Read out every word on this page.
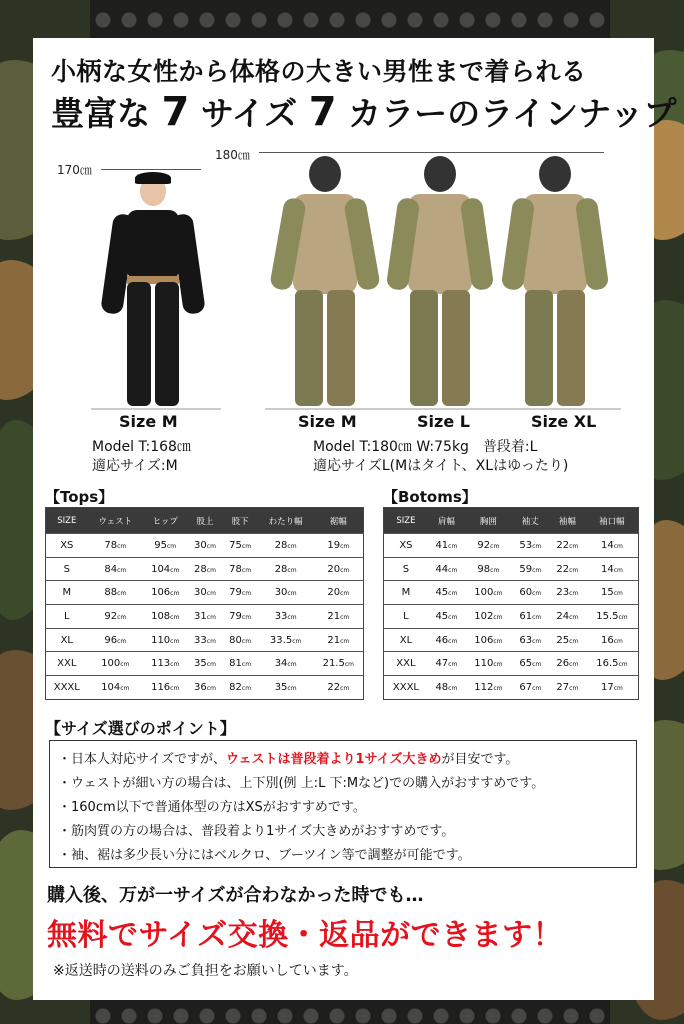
小柄な女性から体格の大きい男性まで着られる
豊富な 7 サイズ 7 カラーのラインナップ
170㎝
180㎝
Size M	Size M	Size L	Size XL
Model T:168㎝
適応サイズ:M
Model T:180㎝ W:75kg　普段着:L
適応サイズL(Mはタイト、XLはゆったり)
【Tops】
SIZE	ウェスト	ヒップ	股上	股下	わたり幅	裾幅
XS	78cm	95cm	30cm	75cm	28cm	19cm
S	84cm	104cm	28cm	78cm	28cm	20cm
M	88cm	106cm	30cm	79cm	30cm	20cm
L	92cm	108cm	31cm	79cm	33cm	21cm
XL	96cm	110cm	33cm	80cm	33.5cm	21cm
XXL	100cm	113cm	35cm	81cm	34cm	21.5cm
XXXL	104cm	116cm	36cm	82cm	35cm	22cm
【Botoms】
SIZE	肩幅	胸囲	袖丈	袖幅	袖口幅
XS	41cm	92cm	53cm	22cm	14cm
S	44cm	98cm	59cm	22cm	14cm
M	45cm	100cm	60cm	23cm	15cm
L	45cm	102cm	61cm	24cm	15.5cm
XL	46cm	106cm	63cm	25cm	16cm
XXL	47cm	110cm	65cm	26cm	16.5cm
XXXL	48cm	112cm	67cm	27cm	17cm
【サイズ選びのポイント】
・日本人対応サイズですが、ウェストは普段着より1サイズ大きめが目安です。
・ウェストが細い方の場合は、上下別(例 上:L 下:Mなど)での購入がおすすめです。
・160cm以下で普通体型の方はXSがおすすめです。
・筋肉質の方の場合は、普段着より1サイズ大きめがおすすめです。
・袖、裾は多少長い分にはベルクロ、ブーツイン等で調整が可能です。
購入後、万が一サイズが合わなかった時でも…
無料でサイズ交換・返品ができます！
※返送時の送料のみご負担をお願いしています。
